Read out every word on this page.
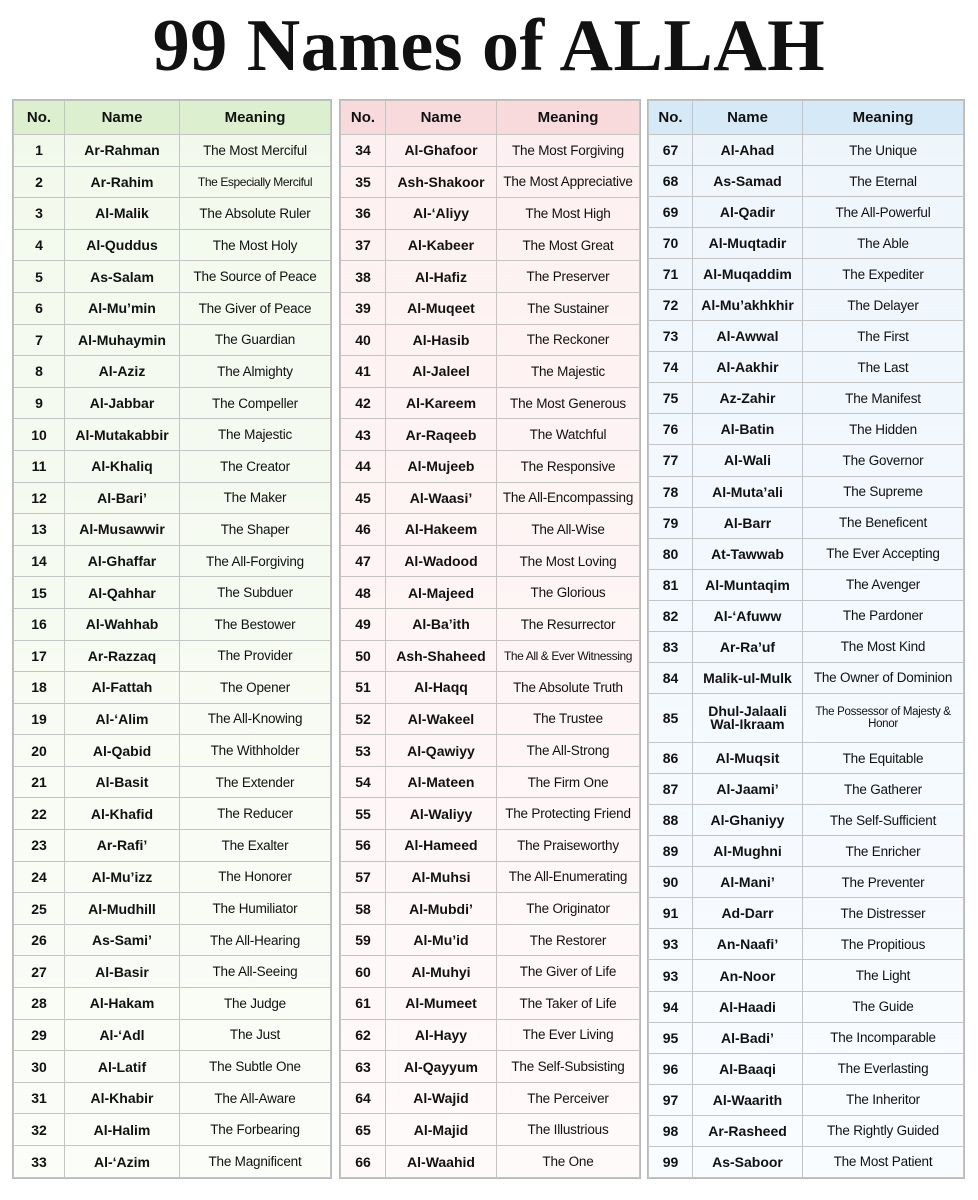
99 Names of ALLAH
No.	Name	Meaning
1	Ar-Rahman	The Most Merciful
2	Ar-Rahim	The Especially Merciful
3	Al-Malik	The Absolute Ruler
4	Al-Quddus	The Most Holy
5	As-Salam	The Source of Peace
6	Al-Mu’min	The Giver of Peace
7	Al-Muhaymin	The Guardian
8	Al-Aziz	The Almighty
9	Al-Jabbar	The Compeller
10	Al-Mutakabbir	The Majestic
11	Al-Khaliq	The Creator
12	Al-Bari’	The Maker
13	Al-Musawwir	The Shaper
14	Al-Ghaffar	The All-Forgiving
15	Al-Qahhar	The Subduer
16	Al-Wahhab	The Bestower
17	Ar-Razzaq	The Provider
18	Al-Fattah	The Opener
19	Al-‘Alim	The All-Knowing
20	Al-Qabid	The Withholder
21	Al-Basit	The Extender
22	Al-Khafid	The Reducer
23	Ar-Rafi’	The Exalter
24	Al-Mu’izz	The Honorer
25	Al-Mudhill	The Humiliator
26	As-Sami’	The All-Hearing
27	Al-Basir	The All-Seeing
28	Al-Hakam	The Judge
29	Al-‘Adl	The Just
30	Al-Latif	The Subtle One
31	Al-Khabir	The All-Aware
32	Al-Halim	The Forbearing
33	Al-‘Azim	The Magnificent
No.	Name	Meaning
34	Al-Ghafoor	The Most Forgiving
35	Ash-Shakoor	The Most Appreciative
36	Al-‘Aliyy	The Most High
37	Al-Kabeer	The Most Great
38	Al-Hafiz	The Preserver
39	Al-Muqeet	The Sustainer
40	Al-Hasib	The Reckoner
41	Al-Jaleel	The Majestic
42	Al-Kareem	The Most Generous
43	Ar-Raqeeb	The Watchful
44	Al-Mujeeb	The Responsive
45	Al-Waasi’	The All-Encompassing
46	Al-Hakeem	The All-Wise
47	Al-Wadood	The Most Loving
48	Al-Majeed	The Glorious
49	Al-Ba’ith	The Resurrector
50	Ash-Shaheed	The All & Ever Witnessing
51	Al-Haqq	The Absolute Truth
52	Al-Wakeel	The Trustee
53	Al-Qawiyy	The All-Strong
54	Al-Mateen	The Firm One
55	Al-Waliyy	The Protecting Friend
56	Al-Hameed	The Praiseworthy
57	Al-Muhsi	The All-Enumerating
58	Al-Mubdi’	The Originator
59	Al-Mu’id	The Restorer
60	Al-Muhyi	The Giver of Life
61	Al-Mumeet	The Taker of Life
62	Al-Hayy	The Ever Living
63	Al-Qayyum	The Self-Subsisting
64	Al-Wajid	The Perceiver
65	Al-Majid	The Illustrious
66	Al-Waahid	The One
No.	Name	Meaning
67	Al-Ahad	The Unique
68	As-Samad	The Eternal
69	Al-Qadir	The All-Powerful
70	Al-Muqtadir	The Able
71	Al-Muqaddim	The Expediter
72	Al-Mu’akhkhir	The Delayer
73	Al-Awwal	The First
74	Al-Aakhir	The Last
75	Az-Zahir	The Manifest
76	Al-Batin	The Hidden
77	Al-Wali	The Governor
78	Al-Muta’ali	The Supreme
79	Al-Barr	The Beneficent
80	At-Tawwab	The Ever Accepting
81	Al-Muntaqim	The Avenger
82	Al-‘Afuww	The Pardoner
83	Ar-Ra’uf	The Most Kind
84	Malik-ul-Mulk	The Owner of Dominion
85	Dhul-Jalaali Wal-Ikraam	The Possessor of Majesty & Honor
86	Al-Muqsit	The Equitable
87	Al-Jaami’	The Gatherer
88	Al-Ghaniyy	The Self-Sufficient
89	Al-Mughni	The Enricher
90	Al-Mani’	The Preventer
91	Ad-Darr	The Distresser
93	An-Naafi’	The Propitious
93	An-Noor	The Light
94	Al-Haadi	The Guide
95	Al-Badi’	The Incomparable
96	Al-Baaqi	The Everlasting
97	Al-Waarith	The Inheritor
98	Ar-Rasheed	The Rightly Guided
99	As-Saboor	The Most Patient
